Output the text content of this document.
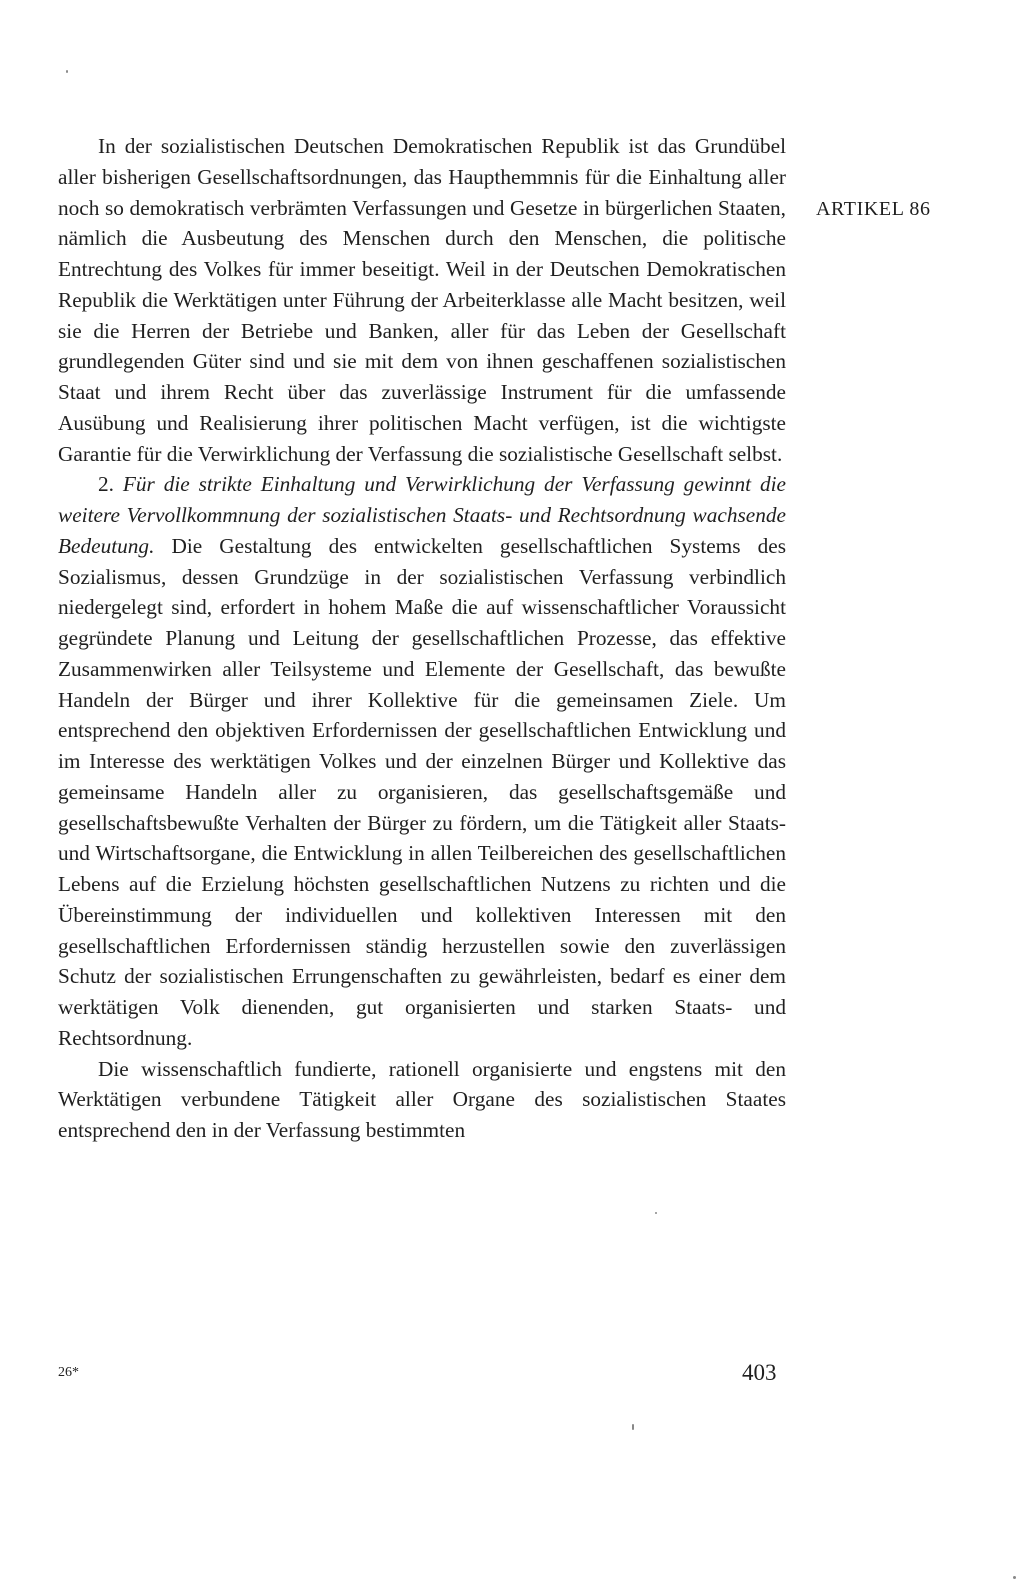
In der sozialistischen Deutschen Demokratischen Republik ist das Grundübel aller bisherigen Gesellschaftsordnungen, das Haupthemmnis für die Einhaltung aller noch so demokratisch verbrämten Verfassungen und Gesetze in bürgerlichen Staaten, nämlich die Ausbeutung des Menschen durch den Menschen, die politische Entrechtung des Volkes für immer beseitigt. Weil in der Deutschen Demokratischen Republik die Werktätigen unter Führung der Arbeiterklasse alle Macht besitzen, weil sie die Herren der Betriebe und Banken, aller für das Leben der Gesellschaft grundlegenden Güter sind und sie mit dem von ihnen geschaffenen sozialistischen Staat und ihrem Recht über das zuverlässige Instrument für die umfassende Ausübung und Realisierung ihrer politischen Macht verfügen, ist die wichtigste Garantie für die Verwirklichung der Verfassung die sozialistische Gesellschaft selbst.

2. Für die strikte Einhaltung und Verwirklichung der Verfassung gewinnt die weitere Vervollkommnung der sozialistischen Staats- und Rechtsordnung wachsende Bedeutung. Die Gestaltung des entwickelten gesellschaftlichen Systems des Sozialismus, dessen Grundzüge in der sozialistischen Verfassung verbindlich niedergelegt sind, erfordert in hohem Maße die auf wissenschaftlicher Voraussicht gegründete Planung und Leitung der gesellschaftlichen Prozesse, das effektive Zusammenwirken aller Teilsysteme und Elemente der Gesellschaft, das bewußte Handeln der Bürger und ihrer Kollektive für die gemeinsamen Ziele. Um entsprechend den objektiven Erfordernissen der gesellschaftlichen Entwicklung und im Interesse des werktätigen Volkes und der einzelnen Bürger und Kollektive das gemeinsame Handeln aller zu organisieren, das gesellschaftsgemäße und gesellschaftsbewußte Verhalten der Bürger zu fördern, um die Tätigkeit aller Staats- und Wirtschaftsorgane, die Entwicklung in allen Teilbereichen des gesellschaftlichen Lebens auf die Erzielung höchsten gesellschaftlichen Nutzens zu richten und die Übereinstimmung der individuellen und kollektiven Interessen mit den gesellschaftlichen Erfordernissen ständig herzustellen sowie den zuverlässigen Schutz der sozialistischen Errungenschaften zu gewährleisten, bedarf es einer dem werktätigen Volk dienenden, gut organisierten und starken Staats- und Rechtsordnung.

Die wissenschaftlich fundierte, rationell organisierte und engstens mit den Werktätigen verbundene Tätigkeit aller Organe des sozialistischen Staates entsprechend den in der Verfassung bestimmten

ARTIKEL 86
26*	403
